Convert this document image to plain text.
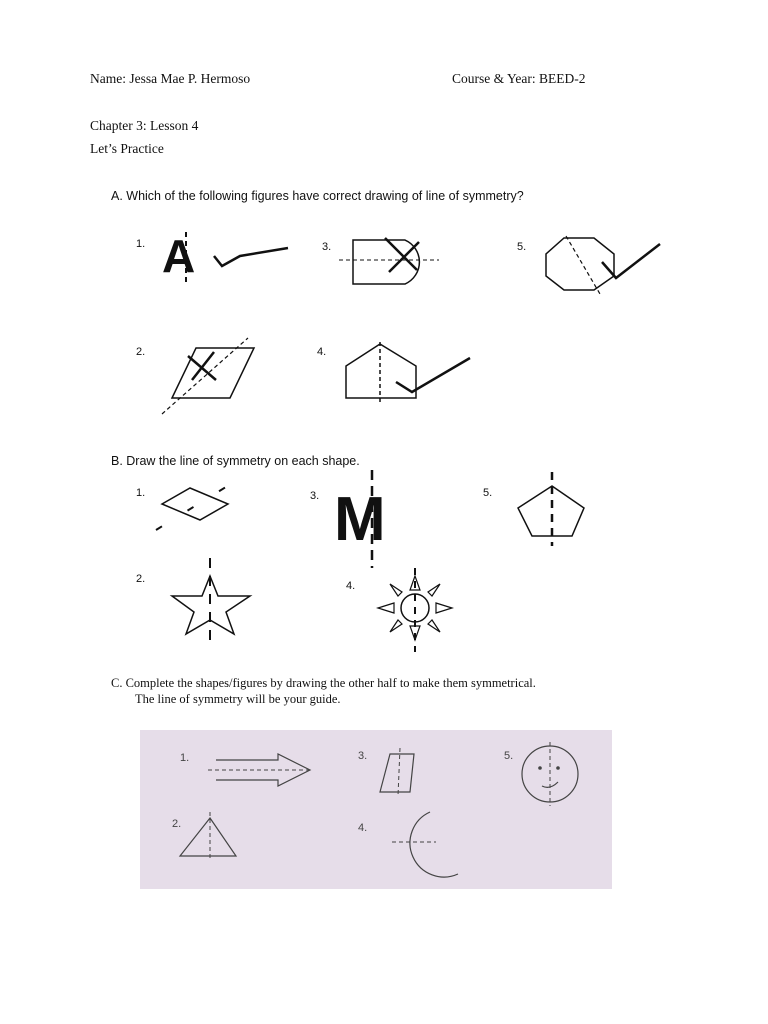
Name: Jessa Mae P. Hermoso	Course & Year: BEED-2
Chapter 3: Lesson 4
Let’s Practice
A. Which of the following figures have correct drawing of line of symmetry?
1.	3.	5.
2.	4.
A
B. Draw the line of symmetry on each shape.
1.	3.	5.
2.
4.
M
C. Complete the shapes/figures by drawing the other half to make them symmetrical.
The line of symmetry will be your guide.
1.	3.	5.
2.	4.
